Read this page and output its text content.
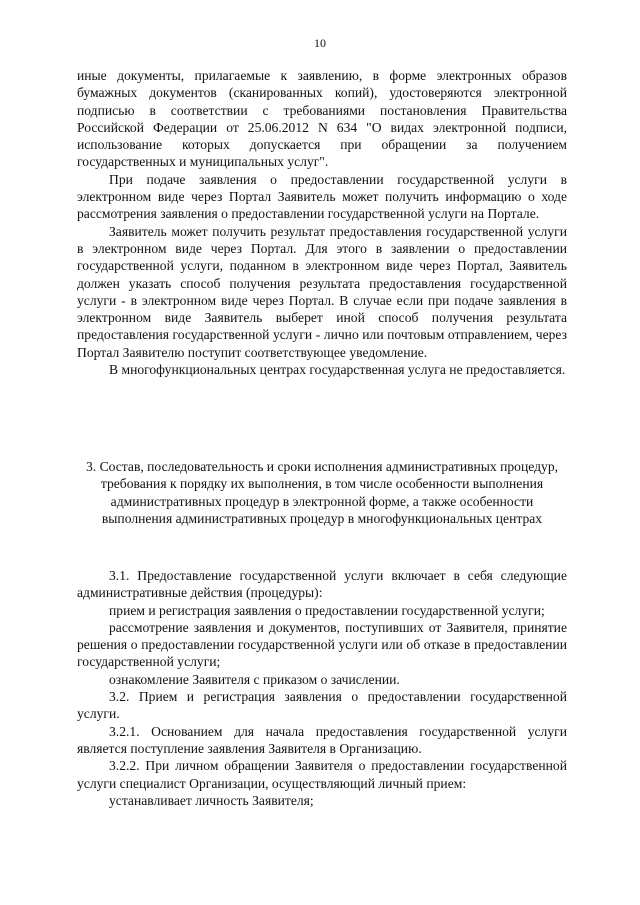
10

иные документы, прилагаемые к заявлению, в форме электронных образов бумажных документов (сканированных копий), удостоверяются электронной подписью в соответствии с требованиями постановления Правительства Российской Федерации от 25.06.2012 N 634 "О видах электронной подписи, использование которых допускается при обращении за получением государственных и муниципальных услуг".

При подаче заявления о предоставлении государственной услуги в электронном виде через Портал Заявитель может получить информацию о ходе рассмотрения заявления о предоставлении государственной услуги на Портале.

Заявитель может получить результат предоставления государственной услуги в электронном виде через Портал. Для этого в заявлении о предоставлении государственной услуги, поданном в электронном виде через Портал, Заявитель должен указать способ получения результата предоставления государственной услуги - в электронном виде через Портал. В случае если при подаче заявления в электронном виде Заявитель выберет иной способ получения результата предоставления государственной услуги - лично или почтовым отправлением, через Портал Заявителю поступит соответствующее уведомление.

В многофункциональных центрах государственная услуга не предоставляется.

3. Состав, последовательность и сроки исполнения административных процедур, требования к порядку их выполнения, в том числе особенности выполнения административных процедур в электронной форме, а также особенности выполнения административных процедур в многофункциональных центрах

3.1. Предоставление государственной услуги включает в себя следующие административные действия (процедуры):

прием и регистрация заявления о предоставлении государственной услуги;

рассмотрение заявления и документов, поступивших от Заявителя, принятие решения о предоставлении государственной услуги или об отказе в предоставлении государственной услуги;

ознакомление Заявителя с приказом о зачислении.

3.2. Прием и регистрация заявления о предоставлении государственной услуги.

3.2.1. Основанием для начала предоставления государственной услуги является поступление заявления Заявителя в Организацию.

3.2.2. При личном обращении Заявителя о предоставлении государственной услуги специалист Организации, осуществляющий личный прием:

устанавливает личность Заявителя;
